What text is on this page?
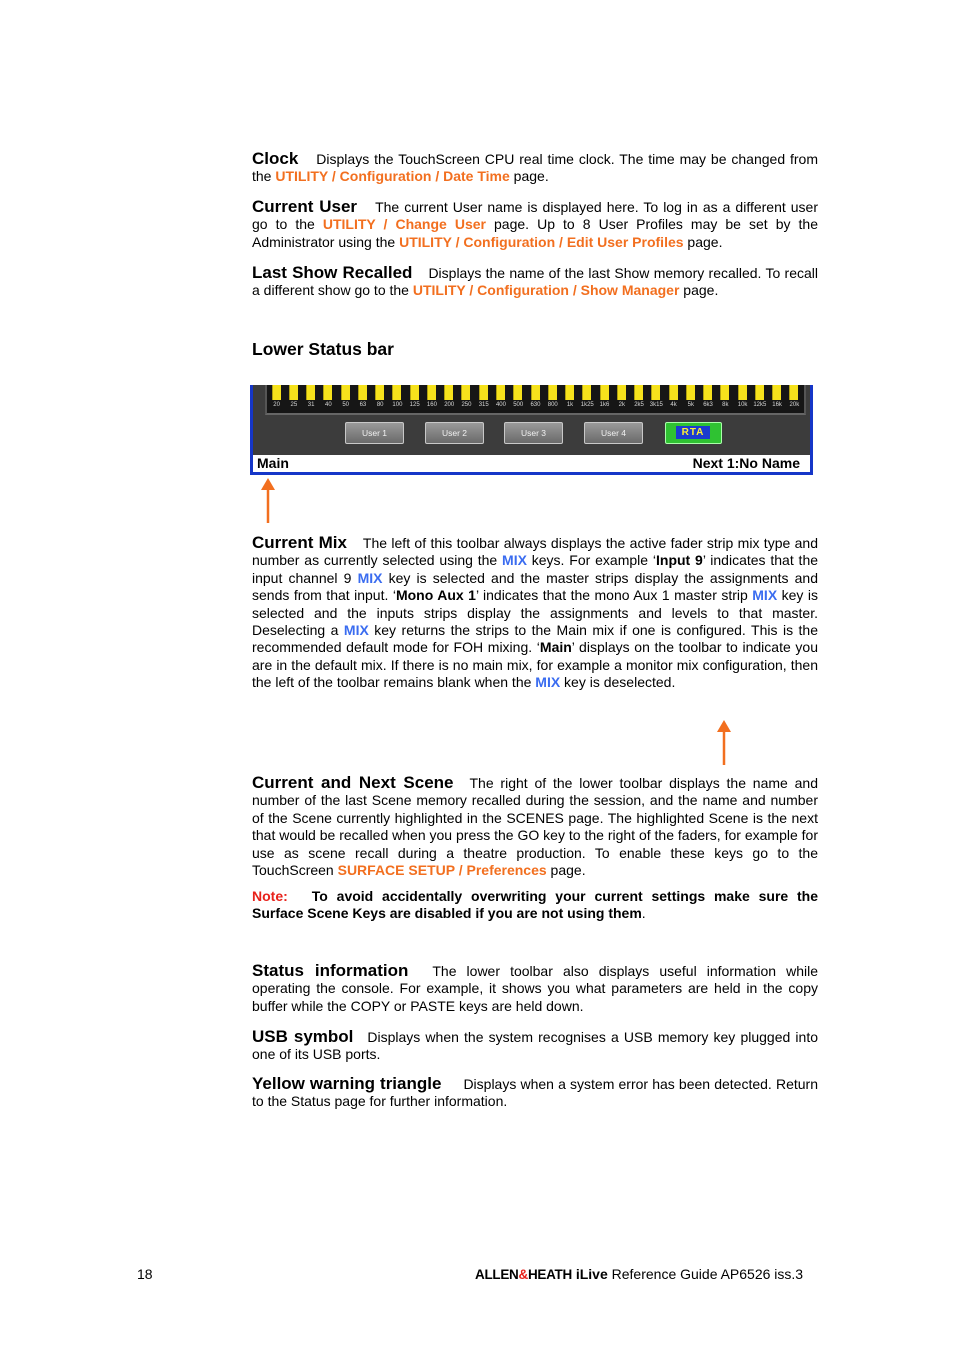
Clock Displays the TouchScreen CPU real time clock. The time may be changed from the UTILITY / Configuration / Date Time page.
Current User The current User name is displayed here. To log in as a different user go to the UTILITY / Change User page. Up to 8 User Profiles may be set by the Administrator using the UTILITY / Configuration / Edit User Profiles page.
Last Show Recalled Displays the name of the last Show memory recalled. To recall a different show go to the UTILITY / Configuration / Show Manager page.
Lower Status bar
20	25	31	40	50	63	80	100	125	160	200	250	315	400	500	630	800	1k	1k25 1k6	2k	2k5 3k15	4k	5k	6k3	8k	10k 12k5 16k	20k
User 1	User 2	User 3	User 4	RTA
Main	Next 1:No Name
Current Mix The left of this toolbar always displays the active fader strip mix type and number as currently selected using the MIX keys. For example ‘Input 9’ indicates that the input channel 9 MIX key is selected and the master strips display the assignments and sends from that input. ‘Mono Aux 1’ indicates that the mono Aux 1 master strip MIX key is selected and the inputs strips display the assignments and levels to that master. Deselecting a MIX key returns the strips to the Main mix if one is configured. This is the recommended default mode for FOH mixing. ‘Main’ displays on the toolbar to indicate you are in the default mix. If there is no main mix, for example a monitor mix configuration, then the left of the toolbar remains blank when the MIX key is deselected.
Current and Next Scene The right of the lower toolbar displays the name and number of the last Scene memory recalled during the session, and the name and number of the Scene currently highlighted in the SCENES page. The highlighted Scene is the next that would be recalled when you press the GO key to the right of the faders, for example for use as scene recall during a theatre production. To enable these keys go to the TouchScreen SURFACE SETUP / Preferences page.
Note: To avoid accidentally overwriting your current settings make sure the Surface Scene Keys are disabled if you are not using them.
Status information The lower toolbar also displays useful information while operating the console. For example, it shows you what parameters are held in the copy buffer while the COPY or PASTE keys are held down.
USB symbol Displays when the system recognises a USB memory key plugged into one of its USB ports.
Yellow warning triangle Displays when a system error has been detected. Return to the Status page for further information.
18	ALLEN&HEATH iLive Reference Guide AP6526 iss.3
